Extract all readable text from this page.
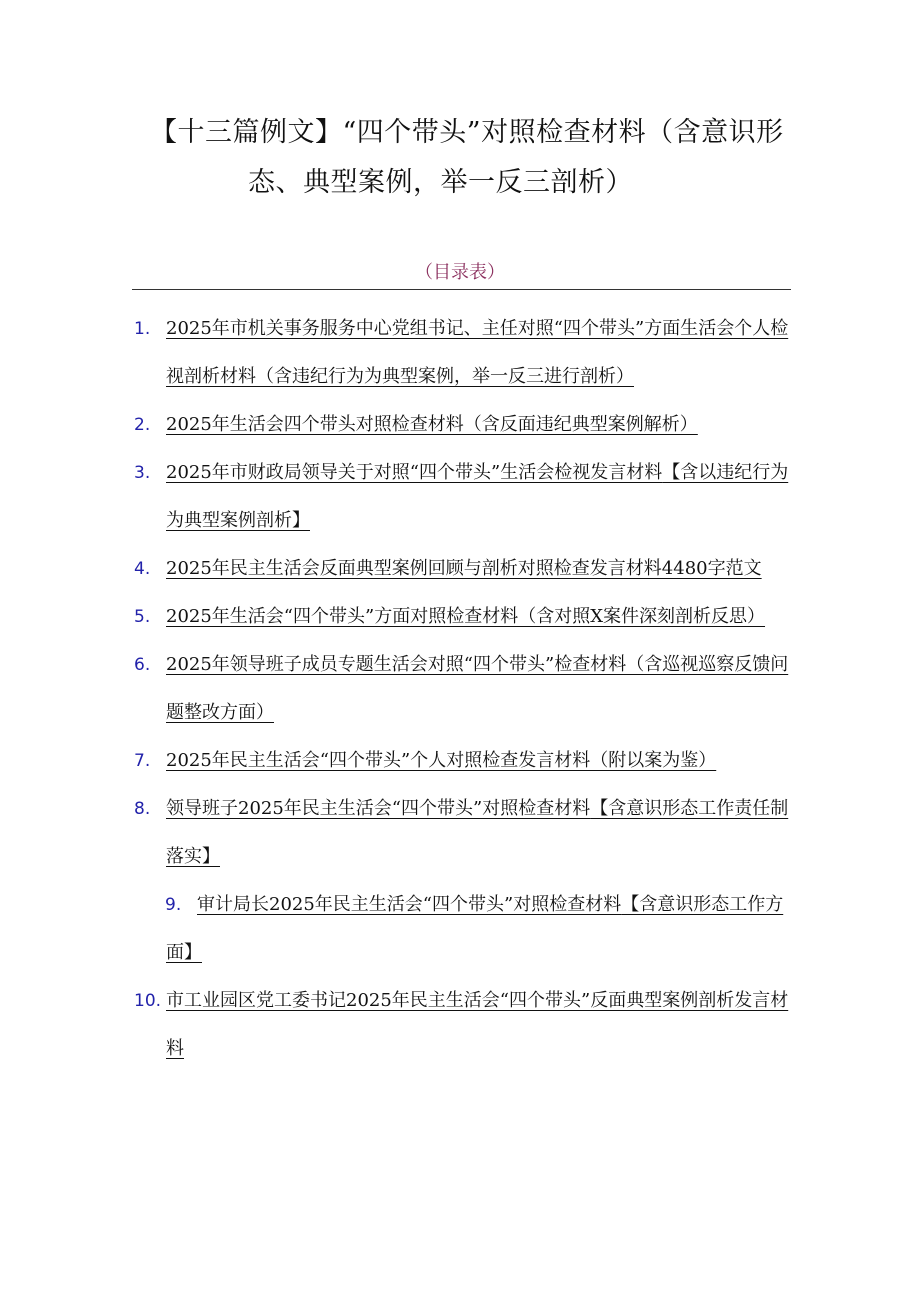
【十三篇例文】“四个带头”对照检查材料（含意识形
态、典型案例，举一反三剖析）
（目录表）
1. 2025年市机关事务服务中心党组书记、主任对照“四个带头”方面生活会个人检视剖析材料（含违纪行为为典型案例，举一反三进行剖析）
2. 2025年生活会四个带头对照检查材料（含反面违纪典型案例解析）
3. 2025年市财政局领导关于对照“四个带头”生活会检视发言材料【含以违纪行为为典型案例剖析】
4. 2025年民主生活会反面典型案例回顾与剖析对照检查发言材料4480字范文
5. 2025年生活会“四个带头”方面对照检查材料（含对照X案件深刻剖析反思）
6. 2025年领导班子成员专题生活会对照“四个带头”检查材料（含巡视巡察反馈问题整改方面）
7. 2025年民主生活会“四个带头”个人对照检查发言材料（附以案为鉴）
8. 领导班子2025年民主生活会“四个带头”对照检查材料【含意识形态工作责任制落实】
9. 审计局长2025年民主生活会“四个带头”对照检查材料【含意识形态工作方面】
10. 市工业园区党工委书记2025年民主生活会“四个带头”反面典型案例剖析发言材料
